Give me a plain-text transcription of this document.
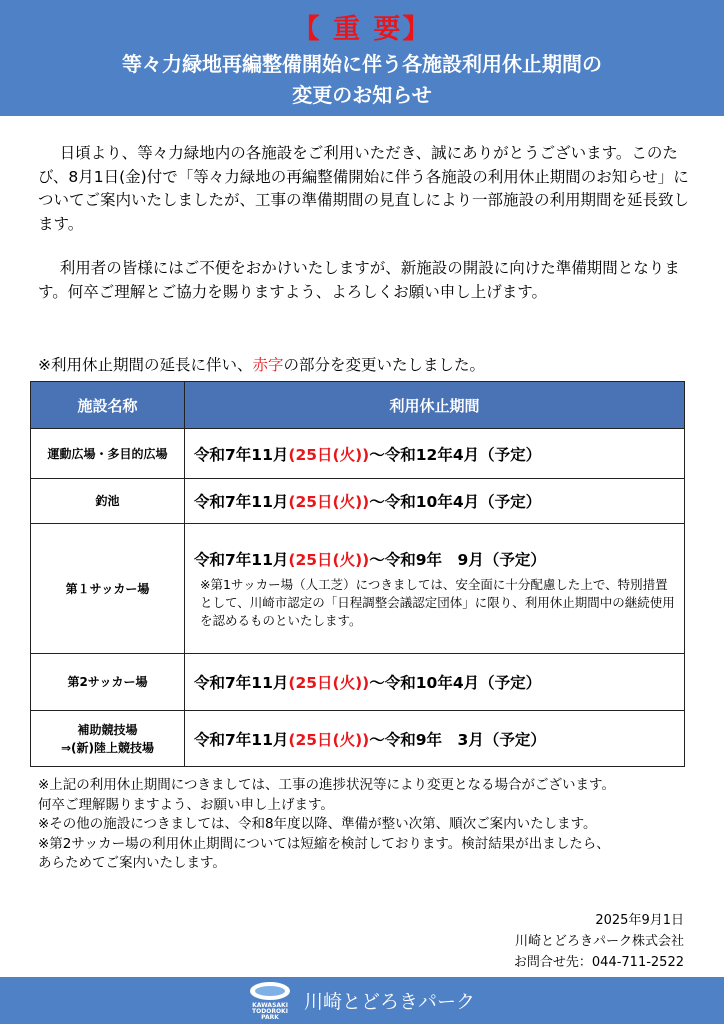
【 重 要】
等々力緑地再編整備開始に伴う各施設利用休止期間の
変更のお知らせ
日頃より、等々力緑地内の各施設をご利用いただき、誠にありがとうございます。このたび、8月1日(金)付で「等々力緑地の再編整備開始に伴う各施設の利用休止期間のお知らせ」についてご案内いたしましたが、工事の準備期間の見直しにより一部施設の利用期間を延長致します。
利用者の皆様にはご不便をおかけいたしますが、新施設の開設に向けた準備期間となります。何卒ご理解とご協力を賜りますよう、よろしくお願い申し上げます。
※利用休止期間の延長に伴い、赤字の部分を変更いたしました。
施設名称	利用休止期間
運動広場・多目的広場	令和7年11月(25日(火))～令和12年4月（予定）
釣池	令和7年11月(25日(火))～令和10年4月（予定）
第１サッカー場	令和7年11月(25日(火))～令和9年　9月（予定）
※第1サッカー場（人工芝）につきましては、安全面に十分配慮した上で、特別措置として、川崎市認定の「日程調整会議認定団体」に限り、利用休止期間中の継続使用を認めるものといたします。

第2サッカー場	令和7年11月(25日(火))～令和10年4月（予定）

補助競技場
⇒(新)陸上競技場	令和7年11月(25日(火))～令和9年　3月（予定）
※上記の利用休止期間につきましては、工事の進捗状況等により変更となる場合がございます。
何卒ご理解賜りますよう、お願い申し上げます。
※その他の施設につきましては、令和8年度以降、準備が整い次第、順次ご案内いたします。
※第2サッカー場の利用休止期間については短縮を検討しております。検討結果が出ましたら、
あらためてご案内いたします。
2025年9月1日
川崎とどろきパーク株式会社
お問合せ先：044-711-2522
KAWASAKI
TODOROKI
PARK
川崎とどろきパーク
